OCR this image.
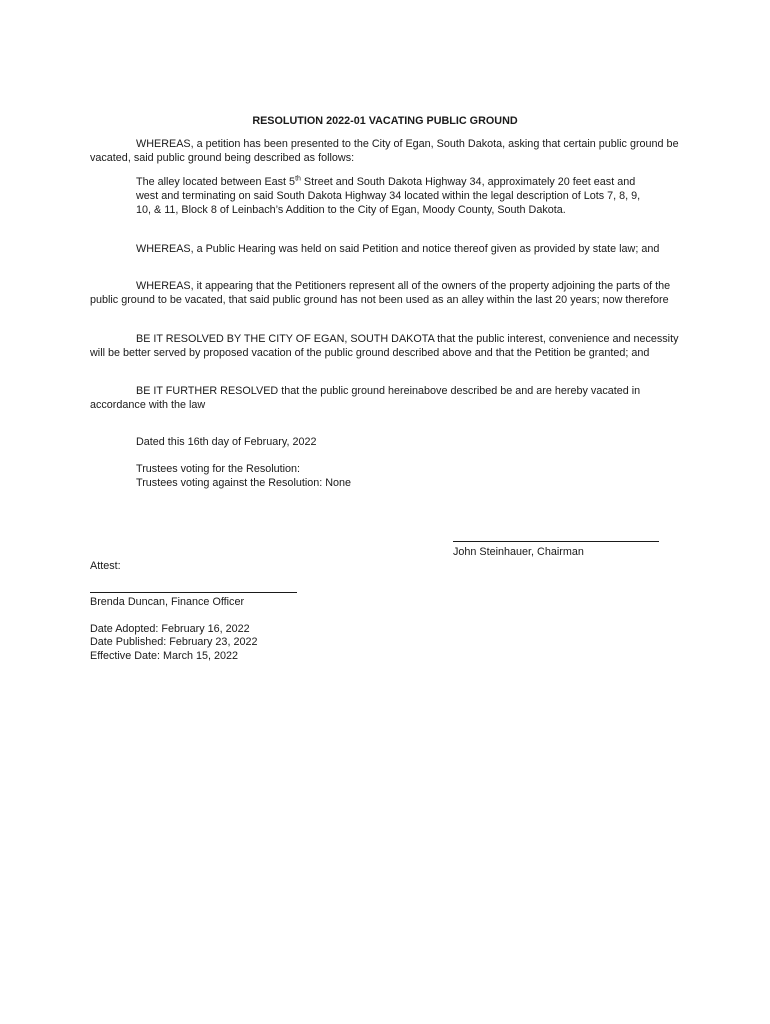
RESOLUTION 2022-01 VACATING PUBLIC GROUND
WHEREAS, a petition has been presented to the City of Egan, South Dakota, asking that certain public ground be vacated, said public ground being described as follows:
The alley located between East 5th Street and South Dakota Highway 34, approximately 20 feet east and west and terminating on said South Dakota Highway 34 located within the legal description of Lots 7, 8, 9, 10, & 11, Block 8 of Leinbach’s Addition to the City of Egan, Moody County, South Dakota.
WHEREAS, a Public Hearing was held on said Petition and notice thereof given as provided by state law; and
WHEREAS, it appearing that the Petitioners represent all of the owners of the property adjoining the parts of the public ground to be vacated, that said public ground has not been used as an alley within the last 20 years; now therefore
BE IT RESOLVED BY THE CITY OF EGAN, SOUTH DAKOTA that the public interest, convenience and necessity will be better served by proposed vacation of the public ground described above and that the Petition be granted; and
BE IT FURTHER RESOLVED that the public ground hereinabove described be and are hereby vacated in accordance with the law
Dated this 16th day of February, 2022
Trustees voting for the Resolution:
Trustees voting against the Resolution: None
John Steinhauer, Chairman
Attest:
Brenda Duncan, Finance Officer
Date Adopted: February 16, 2022
Date Published: February 23, 2022
Effective Date: March 15, 2022
